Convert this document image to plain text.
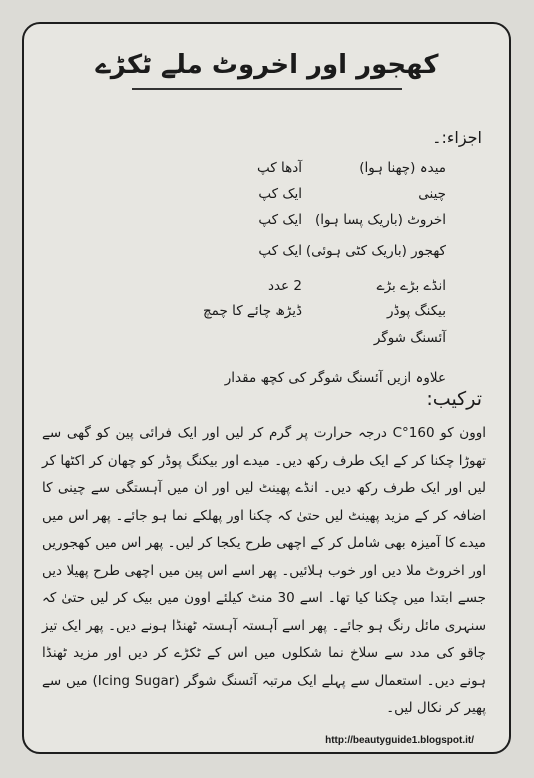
کھجور اور اخروٹ ملے ٹکڑے
اجزاء:۔
میدہ (چھنا ہوا)
آدھا کپ
چینی
ایک کپ
اخروٹ (باریک پسا ہوا)
ایک کپ
کھجور (باریک کٹی ہوئی)
ایک کپ
انڈے بڑے بڑے
2 عدد
بیکنگ پوڈر
ڈیڑھ چائے کا چمچ
آئسنگ شوگر
علاوہ ازیں آئسنگ شوگر کی کچھ مقدار
ترکیب:
اوون کو 160°C درجہ حرارت پر گرم کر لیں اور ایک فرائی پین کو گھی سے تھوڑا چکنا کر کے ایک طرف رکھ دیں۔ میدے اور بیکنگ پوڈر کو چھان کر اکٹھا کر لیں اور ایک طرف رکھ دیں۔ انڈے پھینٹ لیں اور ان میں آہستگی سے چینی کا اضافہ کر کے مزید پھینٹ لیں حتیٰ کہ چکنا اور پھلکے نما ہو جائے۔ پھر اس میں میدے کا آمیزہ بھی شامل کر کے اچھی طرح یکجا کر لیں۔ پھر اس میں کھجوریں اور اخروٹ ملا دیں اور خوب ہلائیں۔ پھر اسے اس پین میں اچھی طرح پھیلا دیں جسے ابتدا میں چکنا کیا تھا۔ اسے 30 منٹ کیلئے اوون میں بیک کر لیں حتیٰ کہ سنہری مائل رنگ ہو جائے۔ پھر اسے آہستہ آہستہ ٹھنڈا ہونے دیں۔ پھر ایک تیز چاقو کی مدد سے سلاخ نما شکلوں میں اس کے ٹکڑے کر دیں اور مزید ٹھنڈا ہونے دیں۔ استعمال سے پہلے ایک مرتبہ آئسنگ شوگر (Icing Sugar) میں سے پھیر کر نکال لیں۔
http://beautyguide1.blogspot.it/
